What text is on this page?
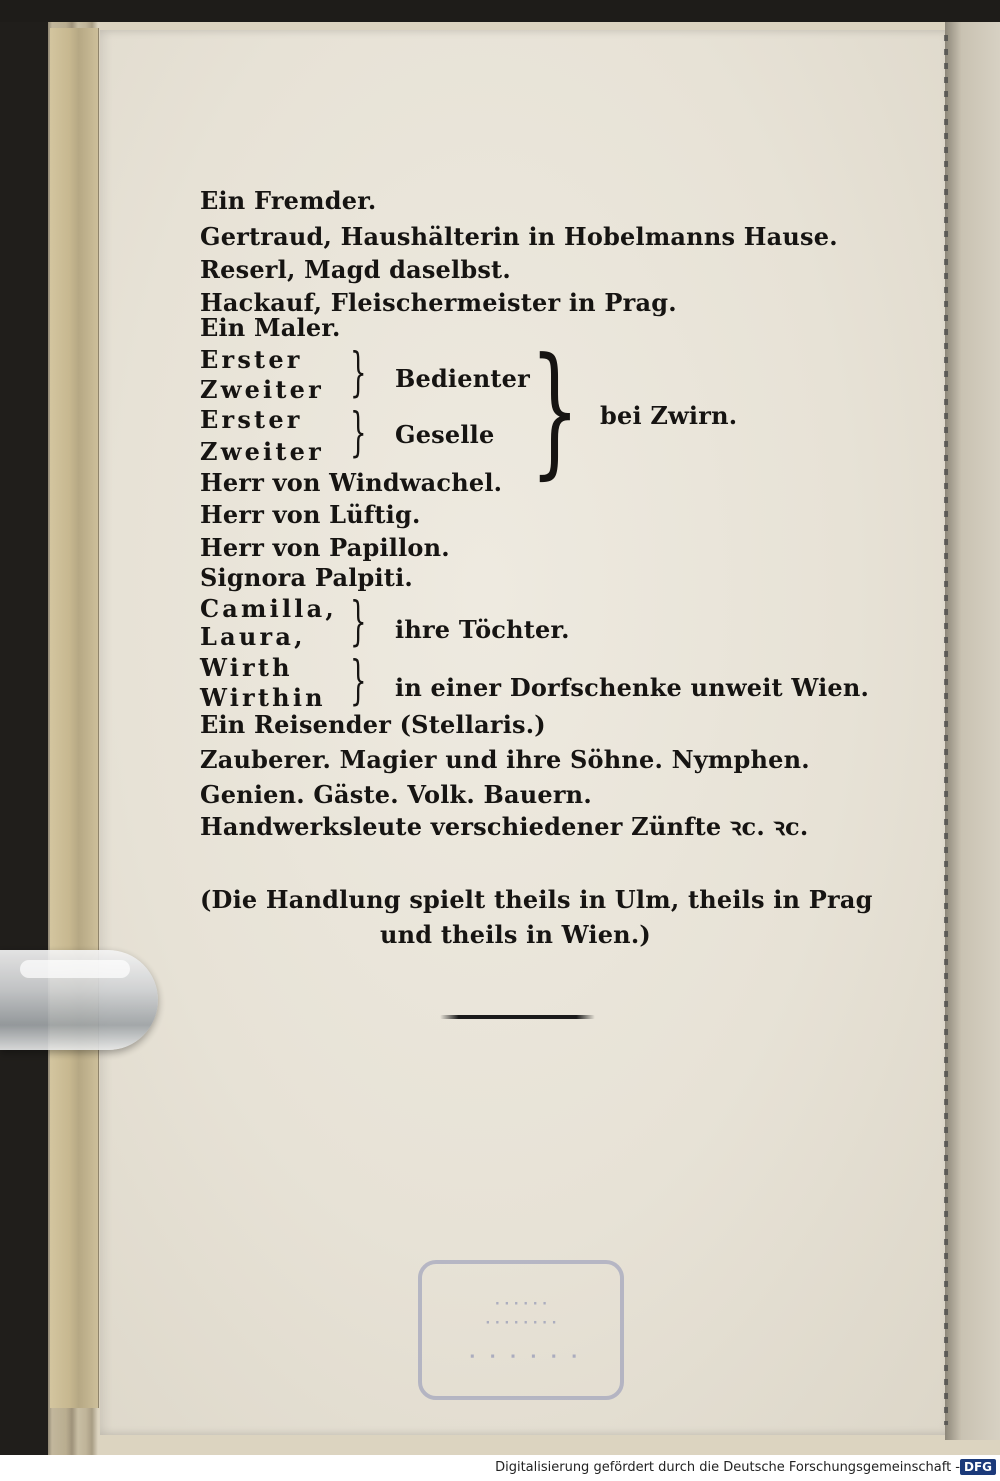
Ein Fremder.
Gertraud, Haushälterin in Hobelmanns Hause.
Reserl, Magd daselbst.
Hackauf, Fleischermeister in Prag.
Ein Maler.
Erster
Zweiter } Bedienter
Erster
Zweiter } Geselle } bei Zwirn.
Herr von Windwachel.
Herr von Lüftig.
Herr von Papillon.
Signora Palpiti.
Camilla,
Laura, } ihre Töchter.
Wirth
Wirthin } in einer Dorfschenke unweit Wien.
Ein Reisender (Stellaris.)
Zauberer. Magier und ihre Söhne. Nymphen.
Genien. Gäste. Volk. Bauern.
Handwerksleute verschiedener Zünfte ꝛc. ꝛc.
(Die Handlung spielt theils in Ulm, theils in Prag
und theils in Wien.)
· · · · · ·
· · · · · · · ·
· · · · · ·
Digitalisierung gefördert durch die Deutsche Forschungsgemeinschaft - DFG
